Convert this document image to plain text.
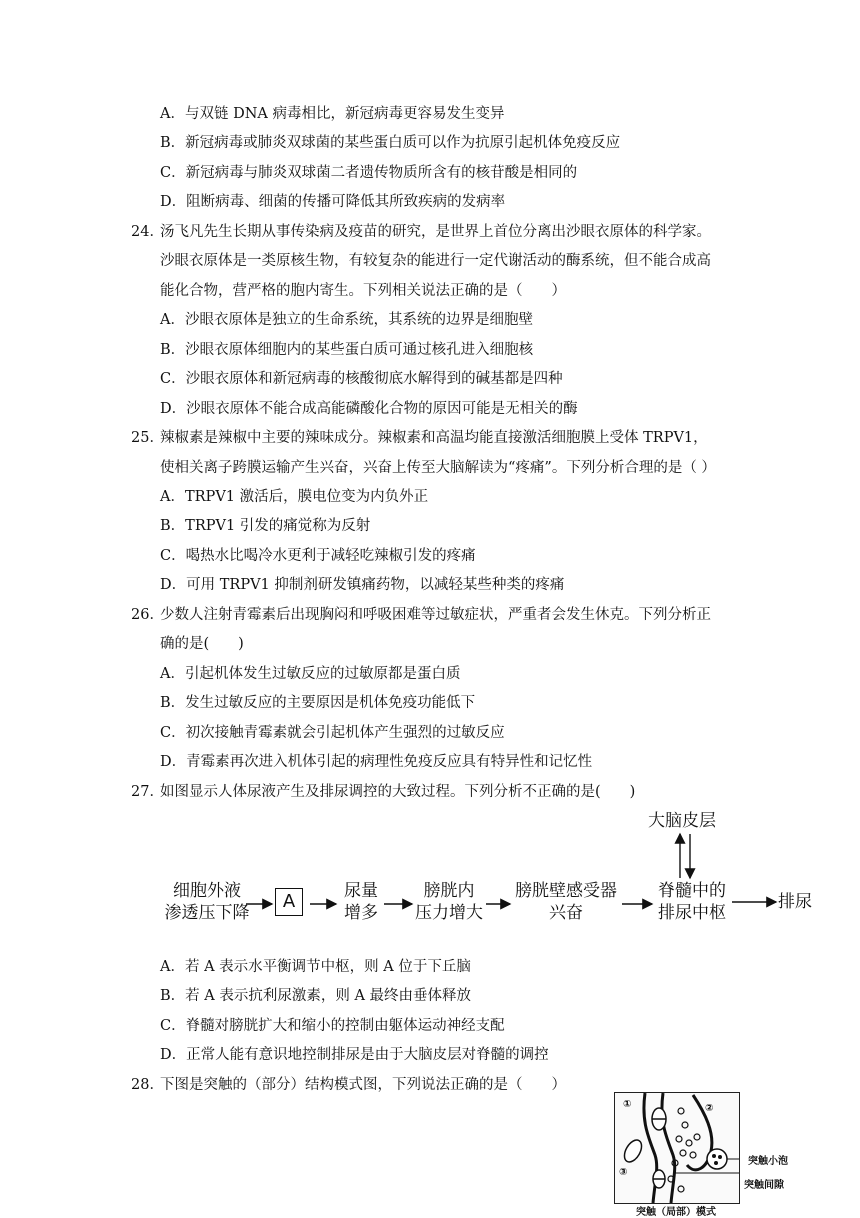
A．与双链 DNA 病毒相比，新冠病毒更容易发生变异
B．新冠病毒或肺炎双球菌的某些蛋白质可以作为抗原引起机体免疫反应
C．新冠病毒与肺炎双球菌二者遗传物质所含有的核苷酸是相同的
D．阻断病毒、细菌的传播可降低其所致疾病的发病率
24．
汤飞凡先生长期从事传染病及疫苗的研究，是世界上首位分离出沙眼衣原体的科学家。
沙眼衣原体是一类原核生物，有较复杂的能进行一定代谢活动的酶系统，但不能合成高
能化合物，营严格的胞内寄生。下列相关说法正确的是（　　）
A．沙眼衣原体是独立的生命系统，其系统的边界是细胞壁
B．沙眼衣原体细胞内的某些蛋白质可通过核孔进入细胞核
C．沙眼衣原体和新冠病毒的核酸彻底水解得到的碱基都是四种
D．沙眼衣原体不能合成高能磷酸化合物的原因可能是无相关的酶
25．
辣椒素是辣椒中主要的辣味成分。辣椒素和高温均能直接激活细胞膜上受体 TRPV1，
使相关离子跨膜运输产生兴奋，兴奋上传至大脑解读为“疼痛”。下列分析合理的是（ ）
A．TRPV1 激活后，膜电位变为内负外正
B．TRPV1 引发的痛觉称为反射
C．喝热水比喝冷水更利于减轻吃辣椒引发的疼痛
D．可用 TRPV1 抑制剂研发镇痛药物，以减轻某些种类的疼痛
26．
少数人注射青霉素后出现胸闷和呼吸困难等过敏症状，严重者会发生休克。下列分析正
确的是(　　)
A．引起机体发生过敏反应的过敏原都是蛋白质
B．发生过敏反应的主要原因是机体免疫功能低下
C．初次接触青霉素就会引起机体产生强烈的过敏反应
D．青霉素再次进入机体引起的病理性免疫反应具有特异性和记忆性
27．
如图显示人体尿液产生及排尿调控的大致过程。下列分析不正确的是(　　)
大脑皮层
细胞外液
渗透压下降
A	尿量
增多
膀胱内
压力增大
膀胱壁感受器
兴奋
脊髓中的
排尿中枢
排尿
A．若 A 表示水平衡调节中枢，则 A 位于下丘脑
B．若 A 表示抗利尿激素，则 A 最终由垂体释放
C．脊髓对膀胱扩大和缩小的控制由躯体运动神经支配
D．正常人能有意识地控制排尿是由于大脑皮层对脊髓的调控
28．
下图是突触的（部分）结构模式图，下列说法正确的是（　　）
①	②
③
突触小泡
突触间隙
突触（局部）模式
